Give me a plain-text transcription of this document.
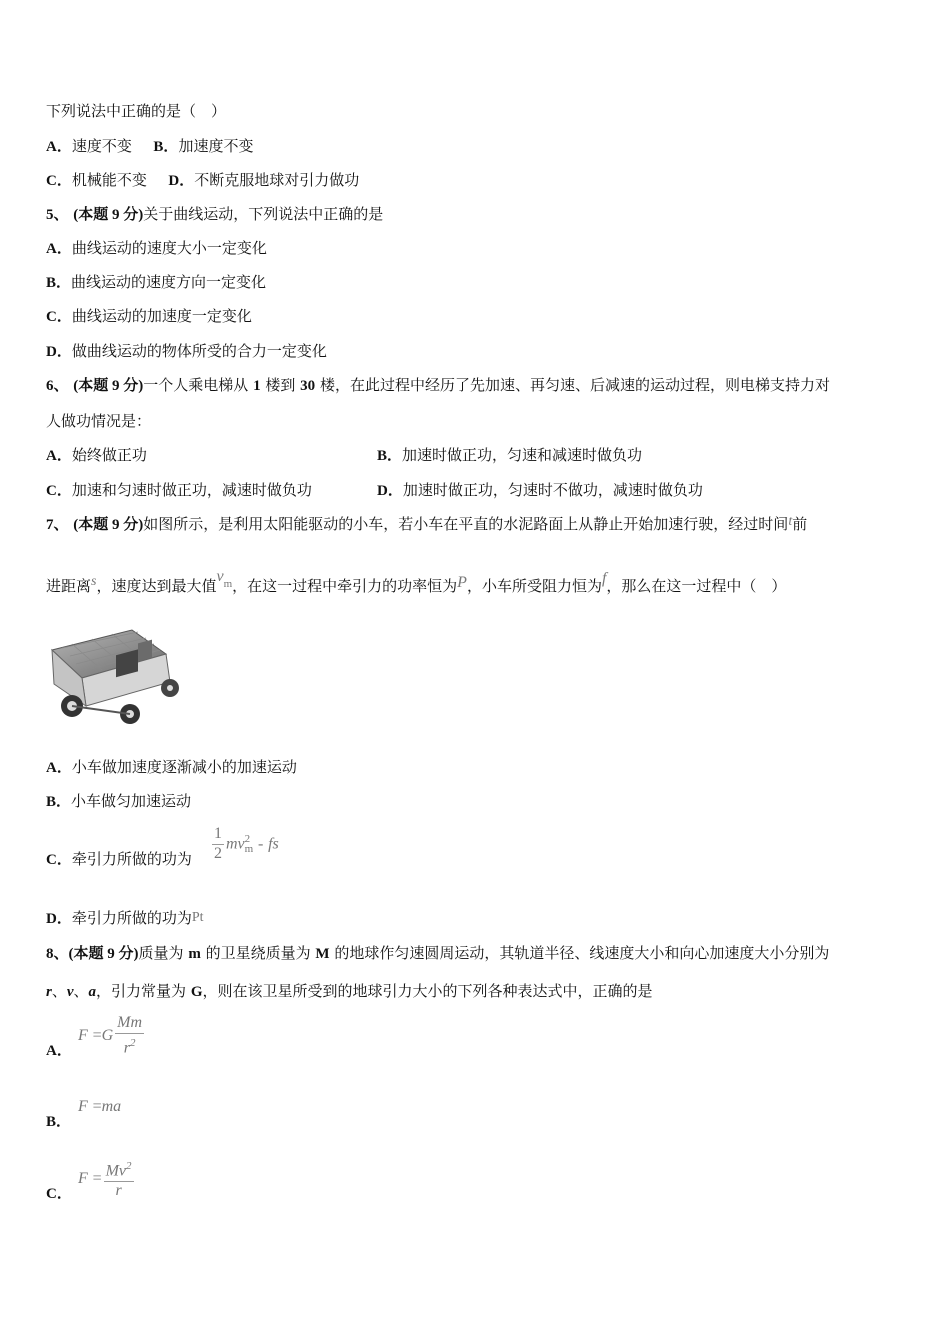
下列说法中正确的是（　）
A．速度不变 B．加速度不变
C．机械能不变 D．不断克服地球对引力做功
5、 (本题 9 分)关于曲线运动，下列说法中正确的是
A．曲线运动的速度大小一定变化
B．曲线运动的速度方向一定变化
C．曲线运动的加速度一定变化
D．做曲线运动的物体所受的合力一定变化
6、 (本题 9 分)一个人乘电梯从 1 楼到 30 楼，在此过程中经历了先加速、再匀速、后减速的运动过程，则电梯支持力对
人做功情况是：
A．始终做正功	B．加速时做正功，匀速和减速时做负功
C．加速和匀速时做正功，减速时做负功	D．加速时做正功，匀速时不做功，减速时做负功
7、 (本题 9 分)如图所示，是利用太阳能驱动的小车，若小车在平直的水泥路面上从静止开始加速行驶，经过时间t前
进距离s，速度达到最大值$v^m$，在这一过程中牵引力的功率恒为P，小车所受阻力恒为f，那么在这一过程中（　）
A．小车做加速度逐渐减小的加速运动
B．小车做匀加速运动
C．牵引力所做的功为 $\frac{1}{2}$ mv 2
m - fs
D．牵引力所做的功为Pt
8、(本题 9 分)质量为 m 的卫星绕质量为 M 的地球作匀速圆周运动，其轨道半径、线速度大小和向心加速度大小分别为
r、v、a，引力常量为 G，则在该卫星所受到的地球引力大小的下列各种表达式中，正确的是
A．
$F =G \frac{Mm}{r^2}$
B．
F =ma
C．
$F = \frac{Mv^2}{r}$
